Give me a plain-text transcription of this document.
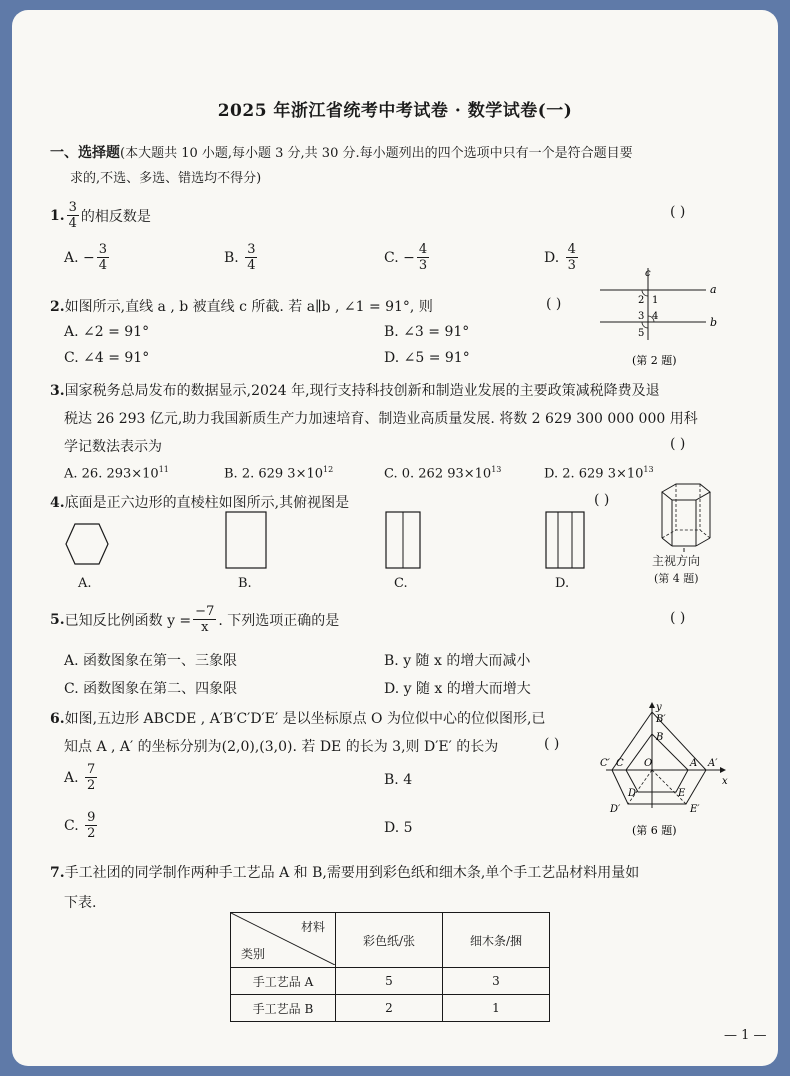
2025 年浙江省统考中考试卷 · 数学试卷(一)
一、选择题(本大题共 10 小题,每小题 3 分,共 30 分.每小题列出的四个选项中只有一个是符合题目要
求的,不选、多选、错选均不得分)
1. $\frac{3}{4}$ 的相反数是	( )
A.
− $\frac{3}{4}$	B.
$\frac{3}{4}$	C.
− $\frac{4}{3}$	D.
$\frac{4}{3}$
2.如图所示,直线 a , b 被直线 c 所截. 若 a∥b , ∠1 = 91°, 则	( )
A. ∠2 = 91°	B. ∠3 = 91°
C. ∠4 = 91°	D. ∠5 = 91°
c
a
b
1
2
3 4
5
(第 2 题)
3.国家税务总局发布的数据显示,2024 年,现行支持科技创新和制造业发展的主要政策减税降费及退
税达 26 293 亿元,助力我国新质生产力加速培育、制造业高质量发展. 将数 2 629 300 000 000 用科
学记数法表示为	( )
A. 26. $293\times 10^{11}$	B. 2. 629 $3\times 10^{12}$	C. 0. 262 $93\times 10^{13}$	D. 2. 629 $3\times 10^{13}$
4.底面是正六边形的直棱柱如图所示,其俯视图是	( )
A.	B.	C.	D.
主视方向
(第 4 题)
5. 已知反比例函数 $y = \frac{-7}{x}$ . 下列选项正确的是	( )
A. 函数图象在第一、三象限	B. y 随 x 的增大而减小
C. 函数图象在第二、四象限	D. y 随 x 的增大而增大
6.如图,五边形 ABCDE , A′B′C′D′E′ 是以坐标原点 O 为位似中心的位似图形,已
知点 A , A′ 的坐标分别为(2,0),(3,0). 若 DE 的长为 3,则 D′E′ 的长为	( )
A.
$\frac{7}{2}$	B. 4
C.
$\frac{9}{2}$	D. 5
y
x
B′
B
C′ C O	A A′
D	E
D′	E′
(第 6 题)
7.手工社团的同学制作两种手工艺品 A 和 B,需要用到彩色纸和细木条,单个手工艺品材料用量如
下表.
材料
类别	彩色纸/张	细木条/捆
手工艺品 A	5	3
手工艺品 B	2	1
— 1 —
